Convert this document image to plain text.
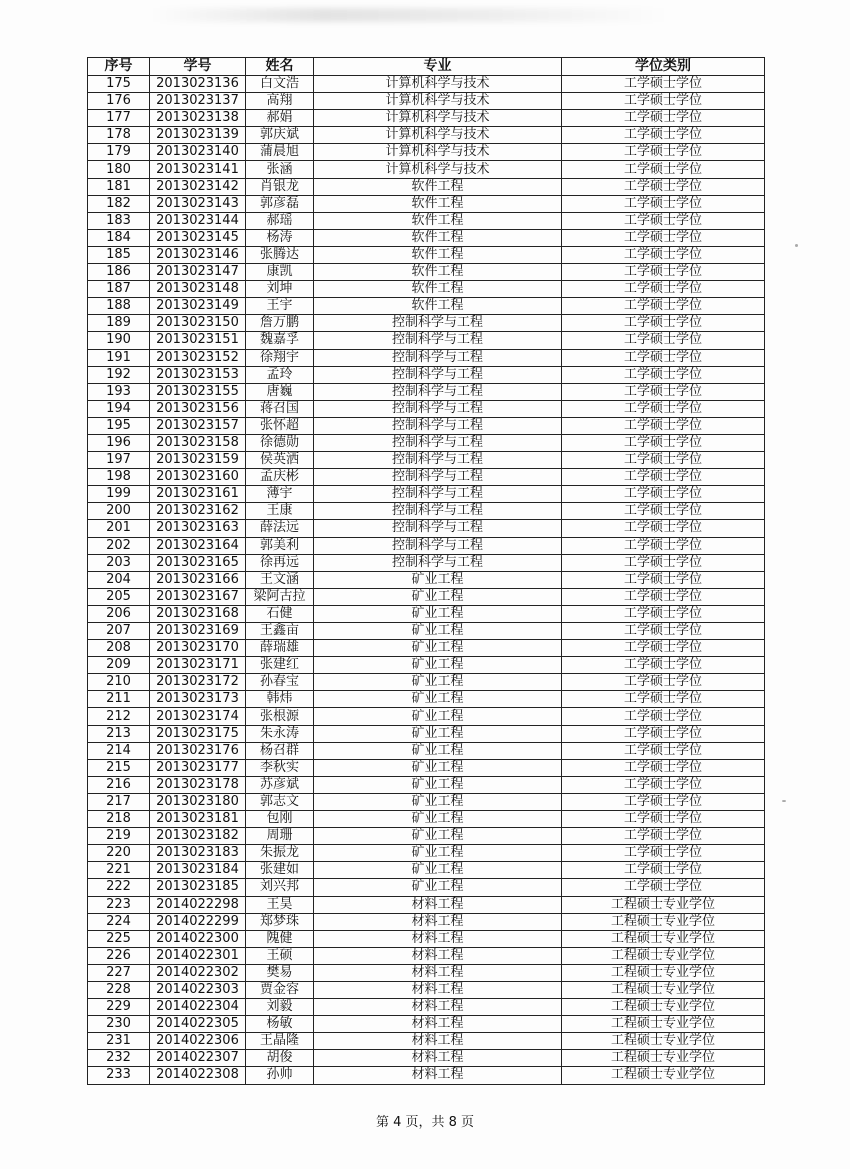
序号	学号	姓名	专业	学位类别
175	2013023136	白文浩	计算机科学与技术	工学硕士学位
176	2013023137	高翔	计算机科学与技术	工学硕士学位
177	2013023138	郝娟	计算机科学与技术	工学硕士学位
178	2013023139	郭庆斌	计算机科学与技术	工学硕士学位
179	2013023140	蒲晨旭	计算机科学与技术	工学硕士学位
180	2013023141	张涵	计算机科学与技术	工学硕士学位
181	2013023142	肖银龙	软件工程	工学硕士学位
182	2013023143	郭彦磊	软件工程	工学硕士学位
183	2013023144	郝瑶	软件工程	工学硕士学位
184	2013023145	杨涛	软件工程	工学硕士学位
185	2013023146	张腾达	软件工程	工学硕士学位
186	2013023147	康凯	软件工程	工学硕士学位
187	2013023148	刘坤	软件工程	工学硕士学位
188	2013023149	王宇	软件工程	工学硕士学位
189	2013023150	詹万鹏	控制科学与工程	工学硕士学位
190	2013023151	魏嘉孚	控制科学与工程	工学硕士学位
191	2013023152	徐翔宇	控制科学与工程	工学硕士学位
192	2013023153	孟玲	控制科学与工程	工学硕士学位
193	2013023155	唐巍	控制科学与工程	工学硕士学位
194	2013023156	蒋召国	控制科学与工程	工学硕士学位
195	2013023157	张怀超	控制科学与工程	工学硕士学位
196	2013023158	徐德勋	控制科学与工程	工学硕士学位
197	2013023159	侯英洒	控制科学与工程	工学硕士学位
198	2013023160	孟庆彬	控制科学与工程	工学硕士学位
199	2013023161	薄宇	控制科学与工程	工学硕士学位
200	2013023162	王康	控制科学与工程	工学硕士学位
201	2013023163	薛法远	控制科学与工程	工学硕士学位
202	2013023164	郭美利	控制科学与工程	工学硕士学位
203	2013023165	徐再远	控制科学与工程	工学硕士学位
204	2013023166	王文涵	矿业工程	工学硕士学位
205	2013023167	梁阿古拉	矿业工程	工学硕士学位
206	2013023168	石健	矿业工程	工学硕士学位
207	2013023169	王鑫亩	矿业工程	工学硕士学位
208	2013023170	薛瑞雄	矿业工程	工学硕士学位
209	2013023171	张建红	矿业工程	工学硕士学位
210	2013023172	孙春宝	矿业工程	工学硕士学位
211	2013023173	韩炜	矿业工程	工学硕士学位
212	2013023174	张根源	矿业工程	工学硕士学位
213	2013023175	朱永涛	矿业工程	工学硕士学位
214	2013023176	杨召群	矿业工程	工学硕士学位
215	2013023177	李秋实	矿业工程	工学硕士学位
216	2013023178	苏彦斌	矿业工程	工学硕士学位
217	2013023180	郭志文	矿业工程	工学硕士学位
218	2013023181	包刚	矿业工程	工学硕士学位
219	2013023182	周珊	矿业工程	工学硕士学位
220	2013023183	朱振龙	矿业工程	工学硕士学位
221	2013023184	张建如	矿业工程	工学硕士学位
222	2013023185	刘兴邦	矿业工程	工学硕士学位
223	2014022298	王昊	材料工程	工程硕士专业学位
224	2014022299	郑梦珠	材料工程	工程硕士专业学位
225	2014022300	隗健	材料工程	工程硕士专业学位
226	2014022301	王硕	材料工程	工程硕士专业学位
227	2014022302	樊易	材料工程	工程硕士专业学位
228	2014022303	贾金容	材料工程	工程硕士专业学位
229	2014022304	刘毅	材料工程	工程硕士专业学位
230	2014022305	杨敏	材料工程	工程硕士专业学位
231	2014022306	王晶隆	材料工程	工程硕士专业学位
232	2014022307	胡俊	材料工程	工程硕士专业学位
233	2014022308	孙帅	材料工程	工程硕士专业学位
第 4 页，共 8 页
